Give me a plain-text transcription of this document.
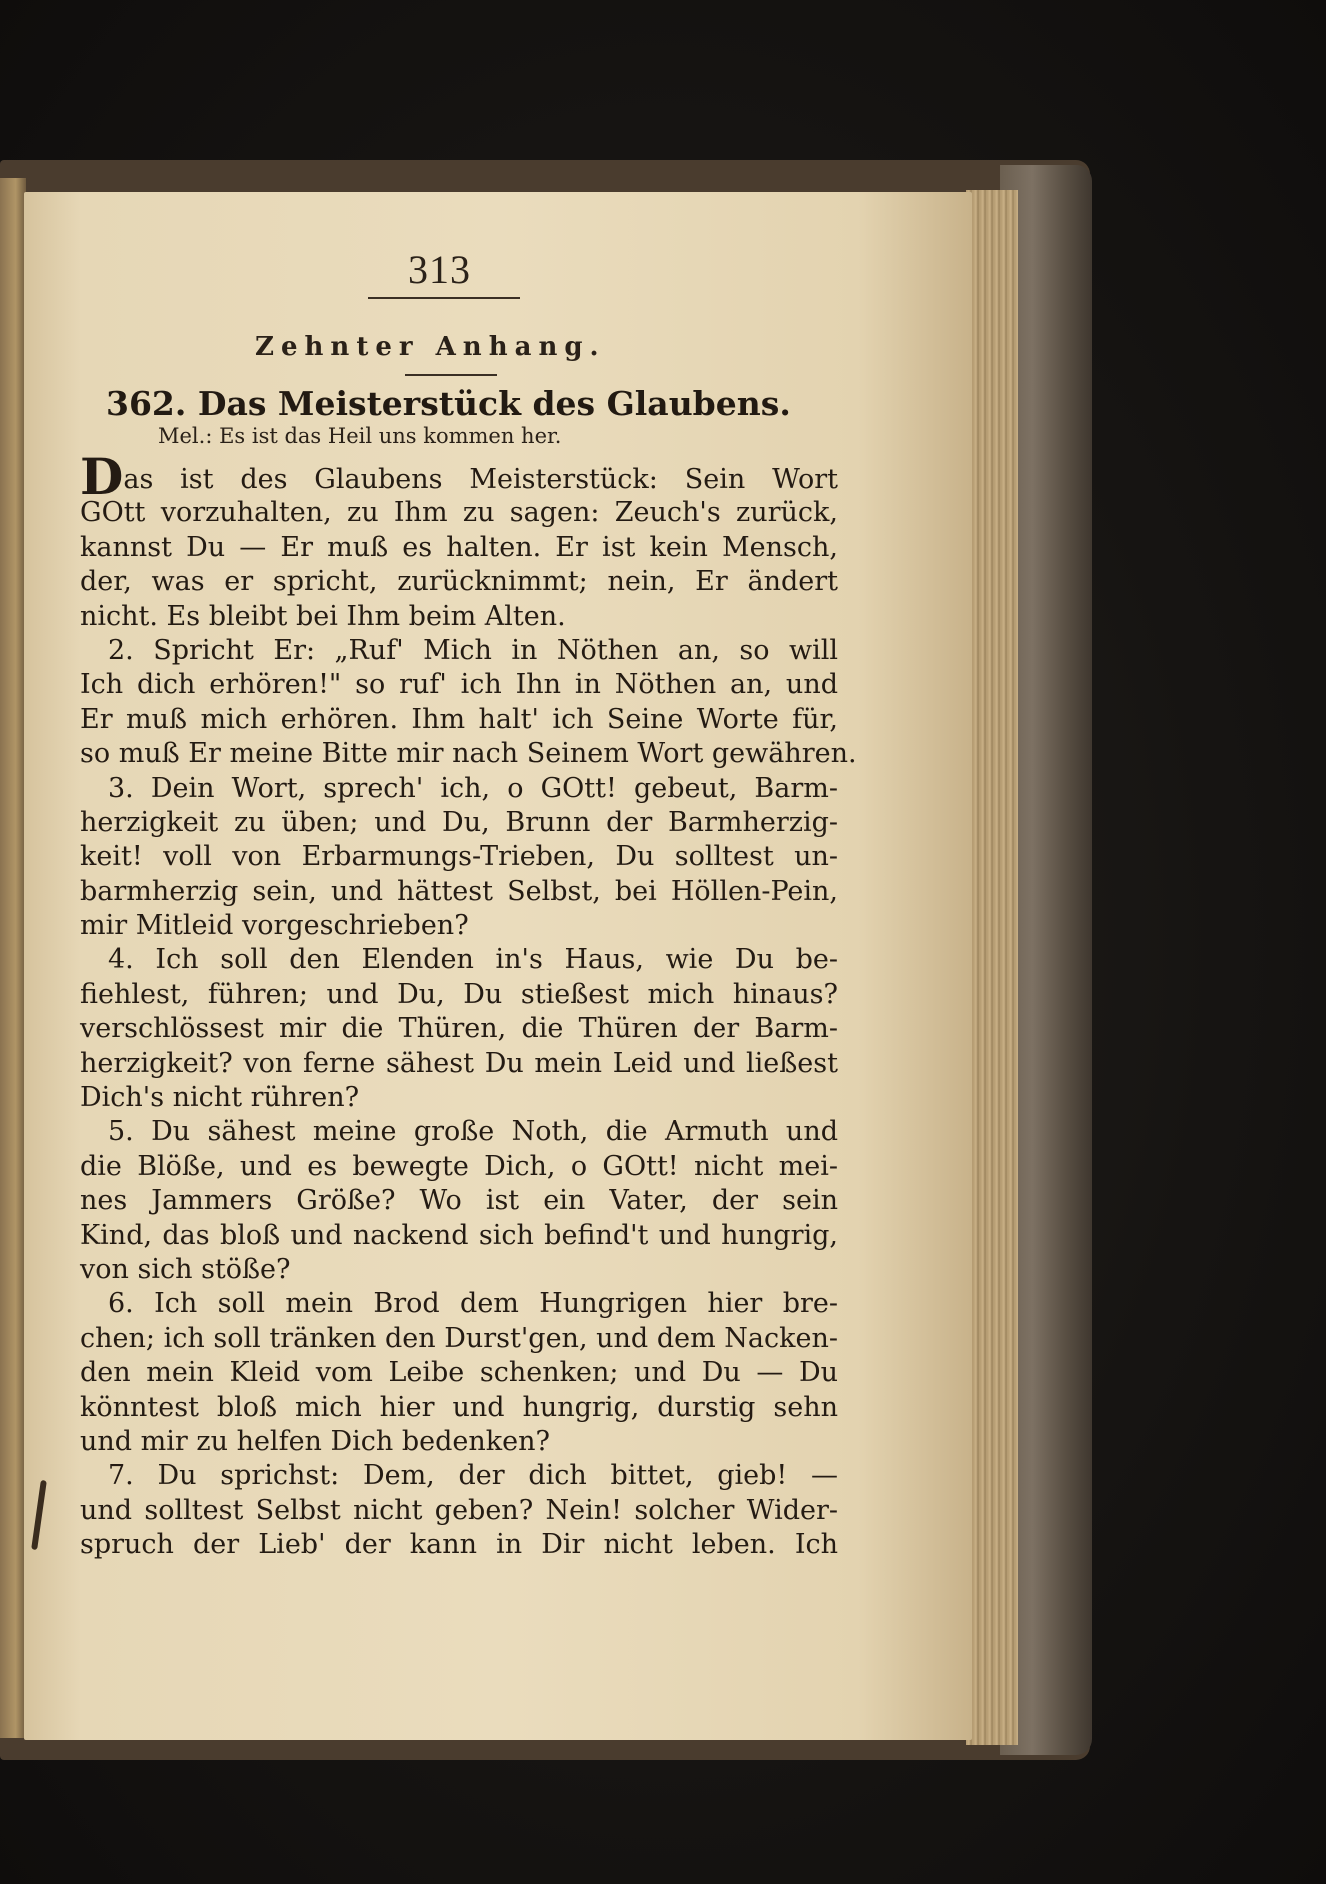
313
Zehnter Anhang.
362. Das Meisterstück des Glaubens.
Mel.: Es ist das Heil uns kommen her.
Das ist des Glaubens Meisterstück: Sein Wort
GOtt vorzuhalten, zu Ihm zu sagen: Zeuch's zurück,
kannst Du — Er muß es halten. Er ist kein Mensch,
der, was er spricht, zurücknimmt; nein, Er ändert
nicht. Es bleibt bei Ihm beim Alten.
2. Spricht Er: „Ruf' Mich in Nöthen an, so will
Ich dich erhören!" so ruf' ich Ihn in Nöthen an, und
Er muß mich erhören. Ihm halt' ich Seine Worte für,
so muß Er meine Bitte mir nach Seinem Wort gewähren.
3. Dein Wort, sprech' ich, o GOtt! gebeut, Barm-
herzigkeit zu üben; und Du, Brunn der Barmherzig-
keit! voll von Erbarmungs-Trieben, Du solltest un-
barmherzig sein, und hättest Selbst, bei Höllen-Pein,
mir Mitleid vorgeschrieben?
4. Ich soll den Elenden in's Haus, wie Du be-
fiehlest, führen; und Du, Du stießest mich hinaus?
verschlössest mir die Thüren, die Thüren der Barm-
herzigkeit? von ferne sähest Du mein Leid und ließest
Dich's nicht rühren?
5. Du sähest meine große Noth, die Armuth und
die Blöße, und es bewegte Dich, o GOtt! nicht mei-
nes Jammers Größe? Wo ist ein Vater, der sein
Kind, das bloß und nackend sich befind't und hungrig,
von sich stöße?
6. Ich soll mein Brod dem Hungrigen hier bre-
chen; ich soll tränken den Durst'gen, und dem Nacken-
den mein Kleid vom Leibe schenken; und Du — Du
könntest bloß mich hier und hungrig, durstig sehn
und mir zu helfen Dich bedenken?
7. Du sprichst: Dem, der dich bittet, gieb! —
und solltest Selbst nicht geben? Nein! solcher Wider-
spruch der Lieb' der kann in Dir nicht leben. Ich
